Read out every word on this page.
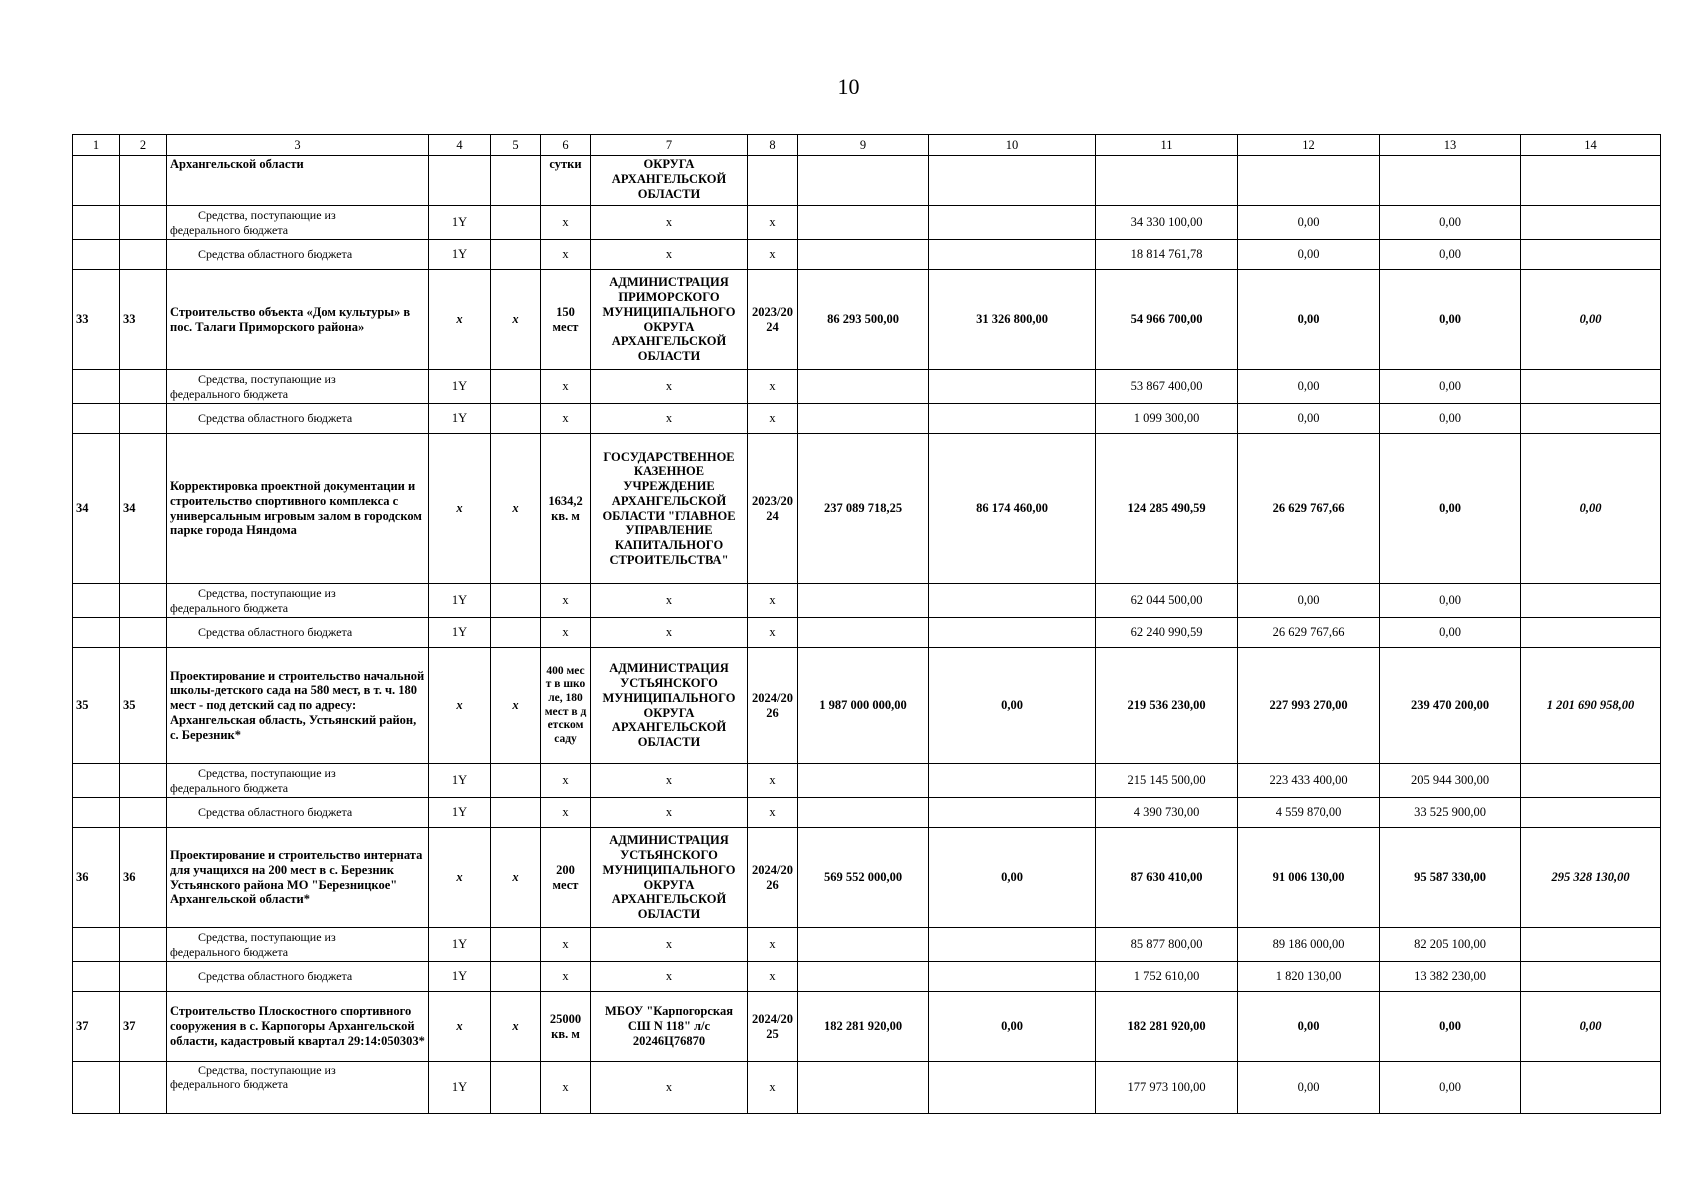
10
1	2	3	4	5	6	7	8	9	10	11	12	13	14
		Архангельской области			сутки	ОКРУГА АРХАНГЕЛЬСКОЙ ОБЛАСТИ							

		Средства, поступающие из
федерального бюджета	1Y		х	х	х			34 330 100,00	0,00	0,00	

		Средства областного бюджета	1Y		х	х	х			18 814 761,78	0,00	0,00	
33	33	Строительство объекта «Дом культуры» в пос. Талаги Приморского района»	x	x	150 мест	АДМИНИСТРАЦИЯ ПРИМОРСКОГО МУНИЦИПАЛЬНОГО ОКРУГА АРХАНГЕЛЬСКОЙ ОБЛАСТИ	2023/2024	86 293 500,00	31 326 800,00	54 966 700,00	0,00	0,00	0,00

		Средства, поступающие из
федерального бюджета	1Y		х	х	х			53 867 400,00	0,00	0,00	

		Средства областного бюджета	1Y		х	х	х			1 099 300,00	0,00	0,00	
34	34	Корректировка проектной документации и строительство спортивного комплекса с универсальным игровым залом в городском парке города Няндома	x	x	1634,2 кв. м	ГОСУДАРСТВЕННОЕ КАЗЕННОЕ УЧРЕЖДЕНИЕ АРХАНГЕЛЬСКОЙ ОБЛАСТИ "ГЛАВНОЕ УПРАВЛЕНИЕ КАПИТАЛЬНОГО СТРОИТЕЛЬСТВА"	2023/2024	237 089 718,25	86 174 460,00	124 285 490,59	26 629 767,66	0,00	0,00

		Средства, поступающие из
федерального бюджета	1Y		х	х	х			62 044 500,00	0,00	0,00	

		Средства областного бюджета	1Y		х	х	х			62 240 990,59	26 629 767,66	0,00	
35	35	Проектирование и строительство начальной школы-детского сада на 580 мест, в т. ч. 180 мест - под детский сад по адресу: Архангельская область, Устьянский район, с. Березник*	x	x	400 мест в школе, 180 мест в детском саду	АДМИНИСТРАЦИЯ УСТЬЯНСКОГО МУНИЦИПАЛЬНОГО ОКРУГА АРХАНГЕЛЬСКОЙ ОБЛАСТИ	2024/2026	1 987 000 000,00	0,00	219 536 230,00	227 993 270,00	239 470 200,00	1 201 690 958,00

		Средства, поступающие из
федерального бюджета	1Y		х	х	х			215 145 500,00	223 433 400,00	205 944 300,00	

		Средства областного бюджета	1Y		х	х	х			4 390 730,00	4 559 870,00	33 525 900,00	
36	36	Проектирование и строительство интерната для учащихся на 200 мест в с. Березник Устьянского района МО "Березницкое" Архангельской области*	x	x	200 мест	АДМИНИСТРАЦИЯ УСТЬЯНСКОГО МУНИЦИПАЛЬНОГО ОКРУГА АРХАНГЕЛЬСКОЙ ОБЛАСТИ	2024/2026	569 552 000,00	0,00	87 630 410,00	91 006 130,00	95 587 330,00	295 328 130,00

		Средства, поступающие из
федерального бюджета	1Y		х	х	х			85 877 800,00	89 186 000,00	82 205 100,00	

		Средства областного бюджета	1Y		х	х	х			1 752 610,00	1 820 130,00	13 382 230,00	
37	37	Строительство Плоскостного спортивного сооружения в с. Карпогоры Архангельской области, кадастровый квартал 29:14:050303*	x	x	25000 кв. м	МБОУ "Карпогорская СШ N 118" л/с 20246Ц76870	2024/2025	182 281 920,00	0,00	182 281 920,00	0,00	0,00	0,00

		Средства, поступающие из
федерального бюджета	1Y		х	х	х			177 973 100,00	0,00	0,00	
